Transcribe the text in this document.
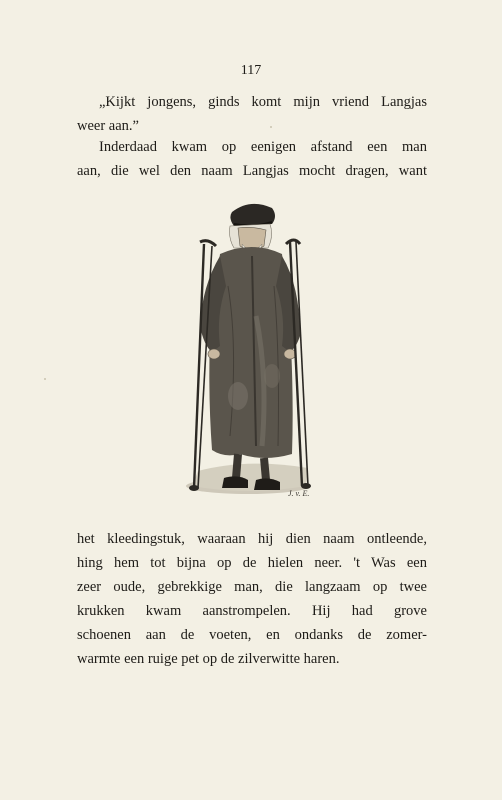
117

„Kijkt jongens, ginds komt mijn vriend Langjas
weer aan.”

Inderdaad kwam op eenigen afstand een man
aan, die wel den naam Langjas mocht dragen, want

J. v. E.

het kleedingstuk, waaraan hij dien naam ontleende,
hing hem tot bijna op de hielen neer. 't Was een
zeer oude, gebrekkige man, die langzaam op twee
krukken kwam aanstrompelen. Hij had grove
schoenen aan de voeten, en ondanks de zomer-
warmte een ruige pet op de zilverwitte haren.
